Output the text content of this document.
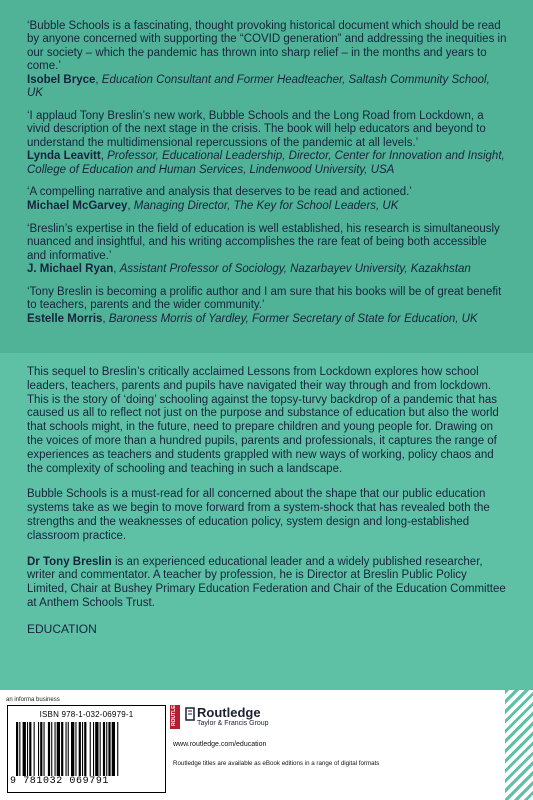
‘Bubble Schools is a fascinating, thought provoking historical document which should be read by anyone concerned with supporting the “COVID generation” and addressing the inequities in our society – which the pandemic has thrown into sharp relief – in the months and years to come.’

Isobel Bryce, Education Consultant and Former Headteacher, Saltash Community School, UK

‘I applaud Tony Breslin’s new work, Bubble Schools and the Long Road from Lockdown, a vivid description of the next stage in the crisis. The book will help educators and beyond to understand the multidimensional repercussions of the pandemic at all levels.’

Lynda Leavitt, Professor, Educational Leadership, Director, Center for Innovation and Insight, College of Education and Human Services, Lindenwood University, USA

‘A compelling narrative and analysis that deserves to be read and actioned.’

Michael McGarvey, Managing Director, The Key for School Leaders, UK

‘Breslin’s expertise in the field of education is well established, his research is simultaneously nuanced and insightful, and his writing accomplishes the rare feat of being both accessible and informative.’

J. Michael Ryan, Assistant Professor of Sociology, Nazarbayev University, Kazakhstan

‘Tony Breslin is becoming a prolific author and I am sure that his books will be of great benefit to teachers, parents and the wider community.’

Estelle Morris, Baroness Morris of Yardley, Former Secretary of State for Education, UK

This sequel to Breslin’s critically acclaimed Lessons from Lockdown explores how school leaders, teachers, parents and pupils have navigated their way through and from lockdown. This is the story of ‘doing’ schooling against the topsy-turvy backdrop of a pandemic that has caused us all to reflect not just on the purpose and substance of education but also the world that schools might, in the future, need to prepare children and young people for. Drawing on the voices of more than a hundred pupils, parents and professionals, it captures the range of experiences as teachers and students grappled with new ways of working, policy chaos and the complexity of schooling and teaching in such a landscape.

Bubble Schools is a must-read for all concerned about the shape that our public education systems take as we begin to move forward from a system-shock that has revealed both the strengths and the weaknesses of education policy, system design and long-established classroom practice.

Dr Tony Breslin is an experienced educational leader and a widely published researcher, writer and commentator. A teacher by profession, he is Director at Breslin Public Policy Limited, Chair at Bushey Primary Education Federation and Chair of the Education Committee at Anthem Schools Trust.

EDUCATION

an informa business
ISBN 978-1-032-06979-1
9 781032 069791
ROUTLEDGE Routledge
Taylor & Francis Group
www.routledge.com/education
Routledge titles are available as eBook editions in a range of digital formats
